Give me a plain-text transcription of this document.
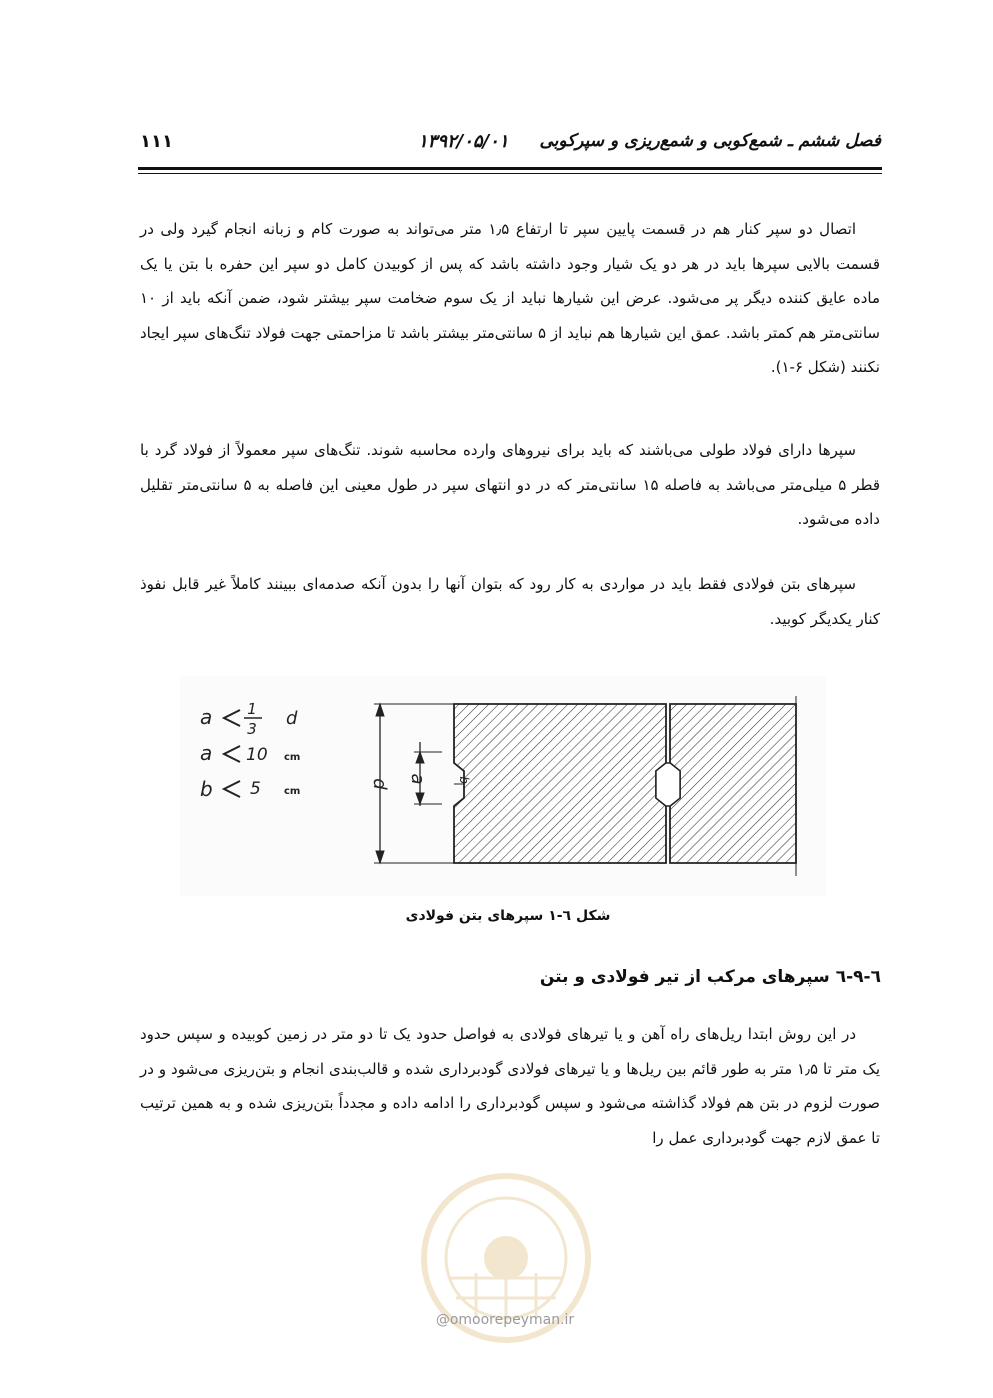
فصل ششم ـ شمع‌کوبی و شمع‌ریزی و سپرکوبی
۱۳۹۲/۰۵/۰۱
۱۱۱
اتصال دو سپر کنار هم در قسمت پایین سپر تا ارتفاع ۱٫۵ متر می‌تواند به صورت کام و زبانه انجام گیرد ولی در قسمت بالایی سپرها باید در هر دو یک شیار وجود داشته باشد که پس از کوبیدن کامل دو سپر این حفره با بتن یا یک ماده عایق کننده دیگر پر می‌شود. عرض این شیارها نباید از یک سوم ضخامت سپر بیشتر شود، ضمن آنکه باید از ۱۰ سانتی‌متر هم کمتر باشد. عمق این شیارها هم نباید از ۵ سانتی‌متر بیشتر باشد تا مزاحمتی جهت فولاد تنگ‌های سپر ایجاد نکنند (شکل ۶-۱).
سپرها دارای فولاد طولی می‌باشند که باید برای نیروهای وارده محاسبه شوند. تنگ‌های سپر معمولاً از فولاد گرد با قطر ۵ میلی‌متر می‌باشد به فاصله ۱۵ سانتی‌متر که در دو انتهای سپر در طول معینی این فاصله به ۵ سانتی‌متر تقلیل داده می‌شود.
سپرهای بتن فولادی فقط باید در مواردی به کار رود که بتوان آنها را بدون آنکه صدمه‌ای ببینند کاملاً غیر قابل نفوذ کنار یکدیگر کوبید.
a 1
3 d
a 10 cm
b 5 cm
d a b
شکل ٦-١ سپرهای بتن فولادی
٦-٩-٦ سپرهای مرکب از تیر فولادی و بتن
در این روش ابتدا ریل‌های راه آهن و یا تیرهای فولادی به فواصل حدود یک تا دو متر در زمین کوبیده و سپس حدود یک متر تا ۱٫۵ متر به طور قائم بین ریل‌ها و یا تیرهای فولادی گودبرداری شده و قالب‌بندی انجام و بتن‌ریزی می‌شود و در صورت لزوم در بتن هم فولاد گذاشته می‌شود و سپس گودبرداری را ادامه داده و مجدداً بتن‌ریزی شده و به همین ترتیب تا عمق لازم جهت گودبرداری عمل را
@omoorepeyman.ir
